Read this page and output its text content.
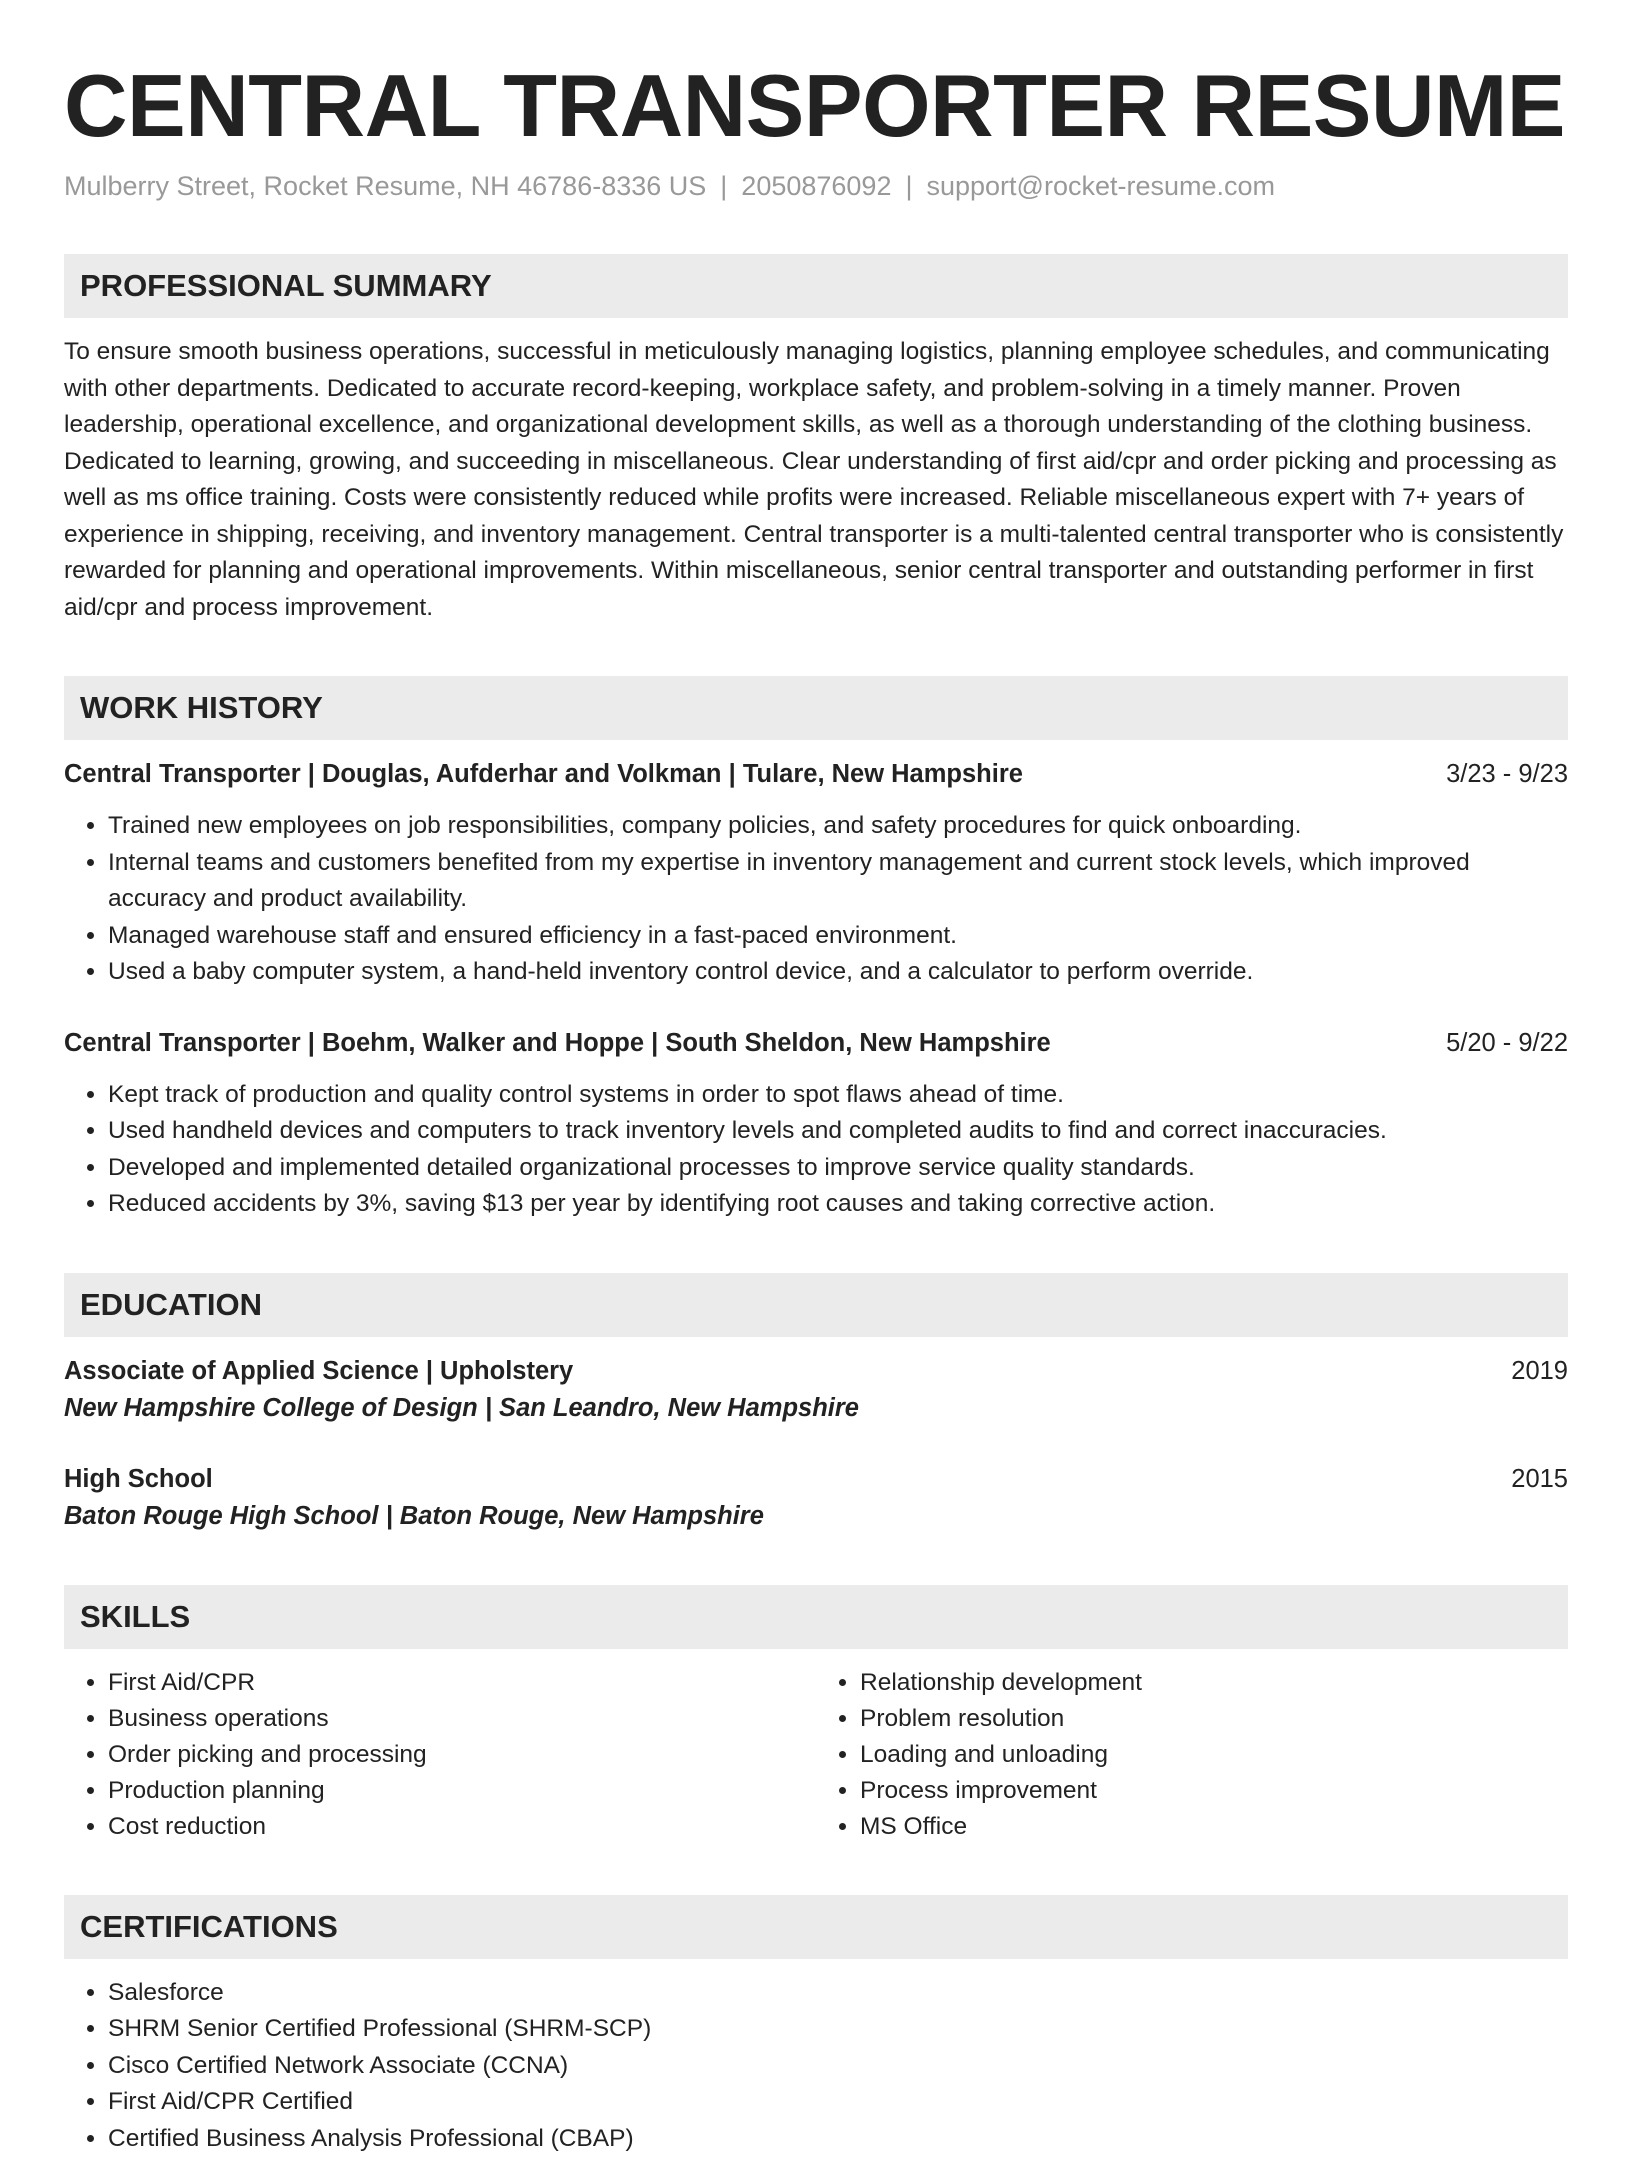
CENTRAL TRANSPORTER RESUME
Mulberry Street, Rocket Resume, NH 46786-8336 US | 2050876092 | support@rocket-resume.com
PROFESSIONAL SUMMARY
To ensure smooth business operations, successful in meticulously managing logistics, planning employee schedules, and communicating with other departments. Dedicated to accurate record-keeping, workplace safety, and problem-solving in a timely manner. Proven leadership, operational excellence, and organizational development skills, as well as a thorough understanding of the clothing business. Dedicated to learning, growing, and succeeding in miscellaneous. Clear understanding of first aid/cpr and order picking and processing as well as ms office training. Costs were consistently reduced while profits were increased. Reliable miscellaneous expert with 7+ years of experience in shipping, receiving, and inventory management. Central transporter is a multi-talented central transporter who is consistently rewarded for planning and operational improvements. Within miscellaneous, senior central transporter and outstanding performer in first aid/cpr and process improvement.
WORK HISTORY
Central Transporter | Douglas, Aufderhar and Volkman | Tulare, New Hampshire	3/23 - 9/23
• Trained new employees on job responsibilities, company policies, and safety procedures for quick onboarding.
• Internal teams and customers benefited from my expertise in inventory management and current stock levels, which improved accuracy and product availability.
• Managed warehouse staff and ensured efficiency in a fast-paced environment.
• Used a baby computer system, a hand-held inventory control device, and a calculator to perform override.
Central Transporter | Boehm, Walker and Hoppe | South Sheldon, New Hampshire	5/20 - 9/22
• Kept track of production and quality control systems in order to spot flaws ahead of time.
• Used handheld devices and computers to track inventory levels and completed audits to find and correct inaccuracies.
• Developed and implemented detailed organizational processes to improve service quality standards.
• Reduced accidents by 3%, saving $13 per year by identifying root causes and taking corrective action.
EDUCATION
Associate of Applied Science | Upholstery	2019
New Hampshire College of Design | San Leandro, New Hampshire
High School	2015
Baton Rouge High School | Baton Rouge, New Hampshire
SKILLS
• First Aid/CPR
• Business operations
• Order picking and processing
• Production planning
• Cost reduction
• Relationship development
• Problem resolution
• Loading and unloading
• Process improvement
• MS Office
CERTIFICATIONS
• Salesforce
• SHRM Senior Certified Professional (SHRM-SCP)
• Cisco Certified Network Associate (CCNA)
• First Aid/CPR Certified
• Certified Business Analysis Professional (CBAP)
